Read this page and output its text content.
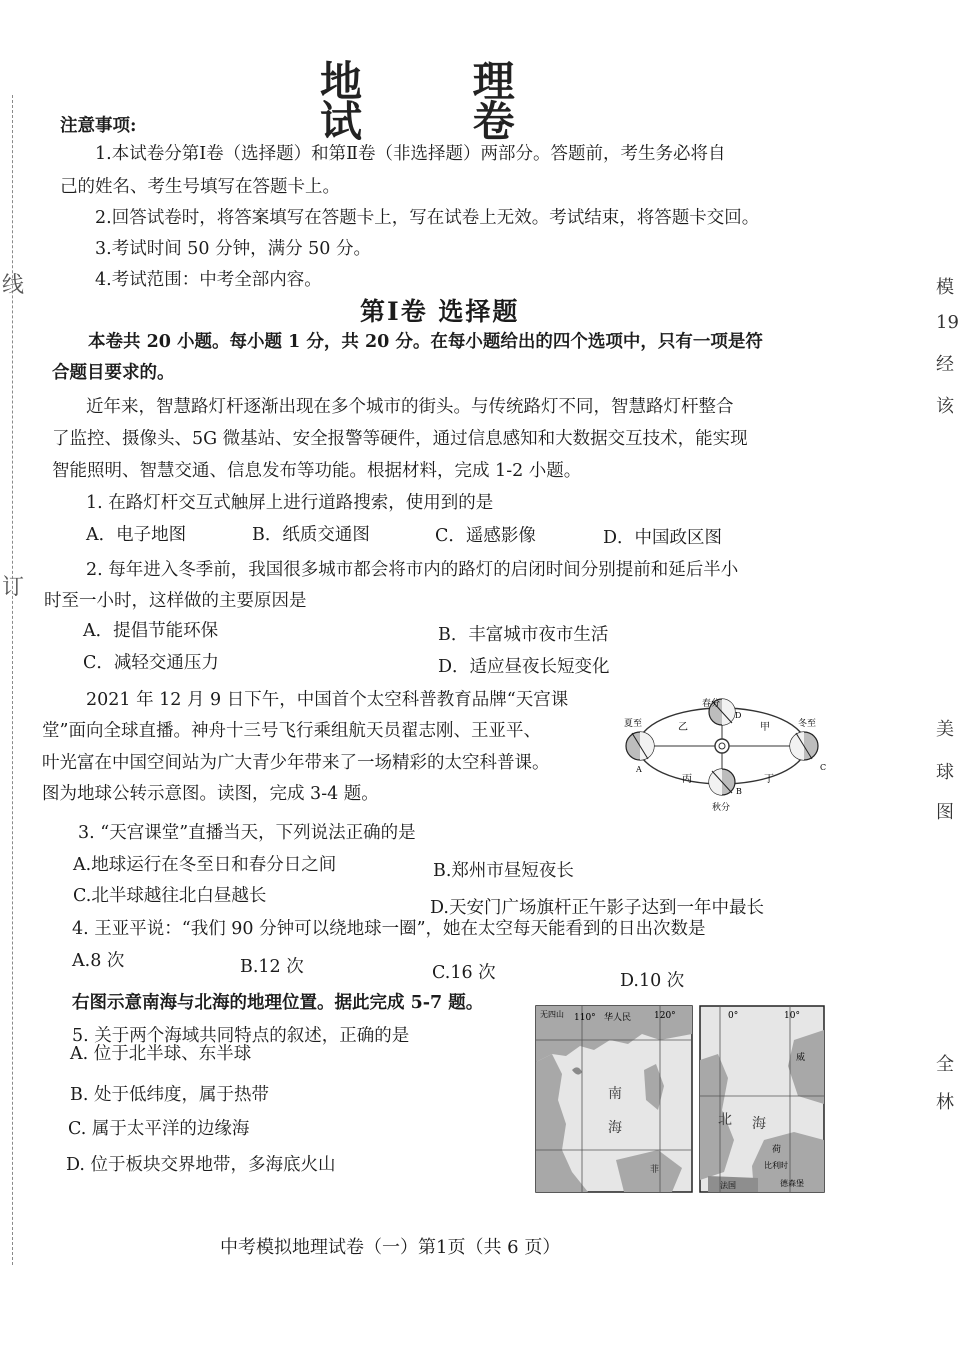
线
订
模
19
经
该
美
球
图
全
林
地 理 试 卷
注意事项:
1.本试卷分第Ⅰ卷（选择题）和第Ⅱ卷（非选择题）两部分。答题前，考生务必将自
己的姓名、考生号填写在答题卡上。
2.回答试卷时，将答案填写在答题卡上，写在试卷上无效。考试结束，将答题卡交回。
3.考试时间 50 分钟，满分 50 分。
4.考试范围：中考全部内容。
第Ⅰ卷 选择题
本卷共 20 小题。每小题 1 分，共 20 分。在每小题给出的四个选项中，只有一项是符
合题目要求的。
近年来，智慧路灯杆逐渐出现在多个城市的街头。与传统路灯不同，智慧路灯杆整合
了监控、摄像头、5G 微基站、安全报警等硬件，通过信息感知和大数据交互技术，能实现
智能照明、智慧交通、信息发布等功能。根据材料，完成 1-2 小题。
1. 在路灯杆交互式触屏上进行道路搜索，使用到的是
A．电子地图	B．纸质交通图	C．遥感影像	D．中国政区图
2. 每年进入冬季前，我国很多城市都会将市内的路灯的启闭时间分别提前和延后半小
时至一小时，这样做的主要原因是
A．提倡节能环保	B．丰富城市夜市生活
C．减轻交通压力	D．适应昼夜长短变化
2021 年 12 月 9 日下午，中国首个太空科普教育品牌“天宫课
堂”面向全球直播。神舟十三号飞行乘组航天员翟志刚、王亚平、
叶光富在中国空间站为广大青少年带来了一场精彩的太空科普课。
图为地球公转示意图。读图，完成 3-4 题。
春分
D
夏至	冬至
乙	甲
丙	丁
A	C
B
秋分
3. “天宫课堂”直播当天，下列说法正确的是
A.地球运行在冬至日和春分日之间	B.郑州市昼短夜长
C.北半球越往北白昼越长
D.天安门广场旗杆正午影子达到一年中最长
4. 王亚平说：“我们 90 分钟可以绕地球一圈”，她在太空每天能看到的日出次数是
A.8 次	B.12 次	C.16 次	D.10 次
右图示意南海与北海的地理位置。据此完成 5-7 题。
5. 关于两个海域共同特点的叙述，正确的是
A. 位于北半球、东半球
B. 处于低纬度，属于热带
C. 属于太平洋的边缘海
D. 位于板块交界地带，多海底火山
无四山 110° 华人民	120°
南
海
菲
0°	10°
北 海
威
荷
比利时
法国	德森堡
中考模拟地理试卷（一）第1页（共 6 页）
